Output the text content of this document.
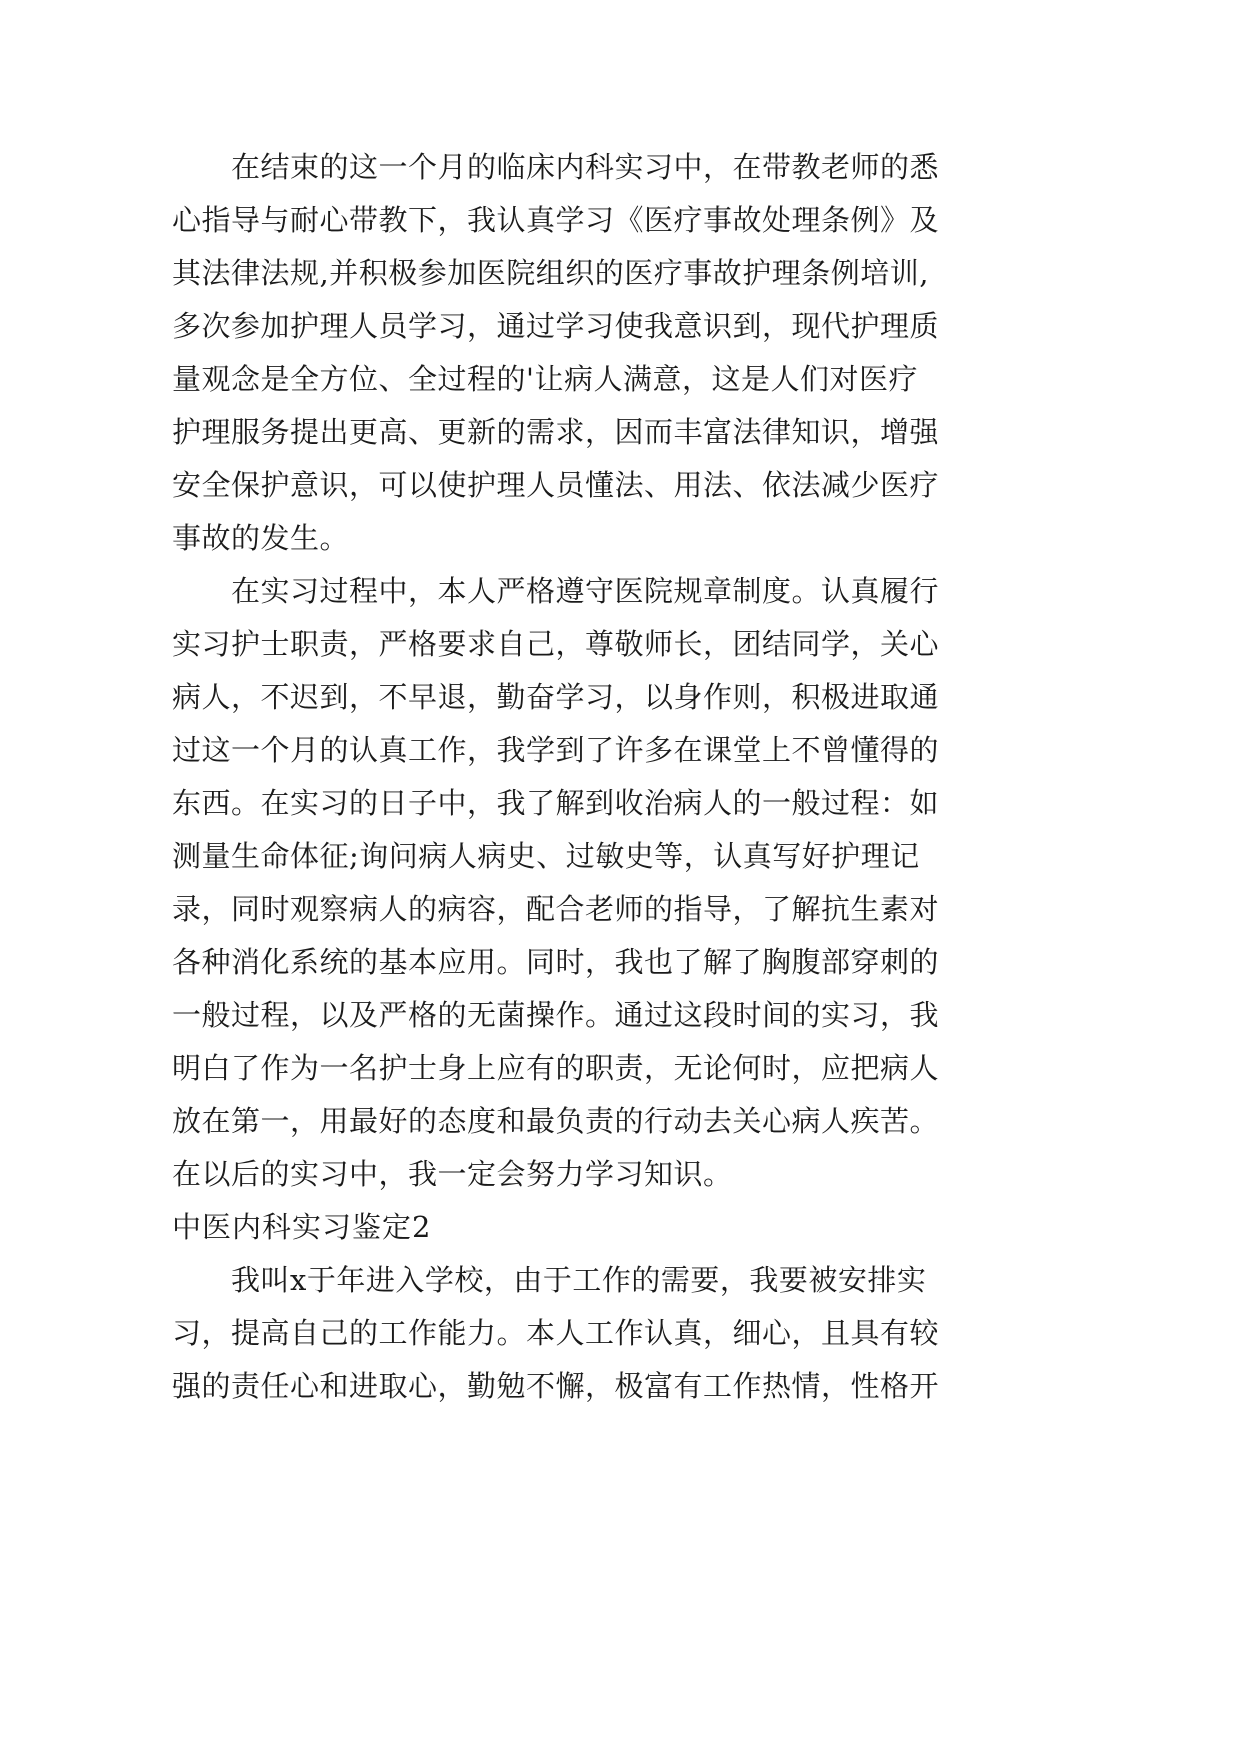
在结束的这一个月的临床内科实习中，在带教老师的悉
心指导与耐心带教下，我认真学习《医疗事故处理条例》及
其法律法规,并积极参加医院组织的医疗事故护理条例培训,
多次参加护理人员学习，通过学习使我意识到，现代护理质
量观念是全方位、全过程的'让病人满意，这是人们对医疗
护理服务提出更高、更新的需求，因而丰富法律知识，增强
安全保护意识，可以使护理人员懂法、用法、依法减少医疗
事故的发生。
在实习过程中，本人严格遵守医院规章制度。认真履行
实习护士职责，严格要求自己，尊敬师长，团结同学，关心
病人，不迟到，不早退，勤奋学习，以身作则，积极进取通
过这一个月的认真工作，我学到了许多在课堂上不曾懂得的
东西。在实习的日子中，我了解到收治病人的一般过程：如
测量生命体征;询问病人病史、过敏史等，认真写好护理记
录，同时观察病人的病容，配合老师的指导，了解抗生素对
各种消化系统的基本应用。同时，我也了解了胸腹部穿刺的
一般过程，以及严格的无菌操作。通过这段时间的实习，我
明白了作为一名护士身上应有的职责，无论何时，应把病人
放在第一，用最好的态度和最负责的行动去关心病人疾苦。
在以后的实习中，我一定会努力学习知识。
中医内科实习鉴定2
我叫x于年进入学校，由于工作的需要，我要被安排实
习，提高自己的工作能力。本人工作认真，细心，且具有较
强的责任心和进取心，勤勉不懈，极富有工作热情，性格开
